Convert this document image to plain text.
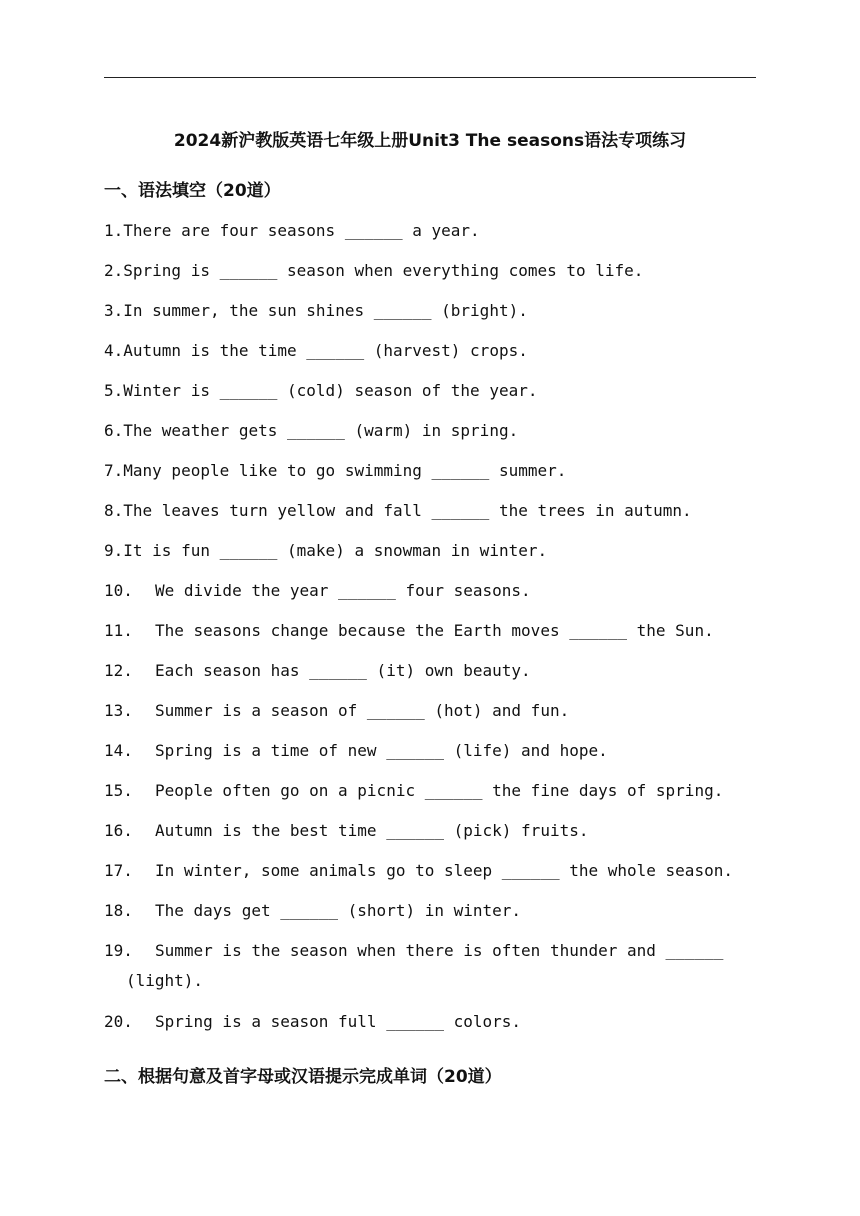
2024新沪教版英语七年级上册Unit3 The seasons语法专项练习
一、语法填空（20道）
1.There are four seasons ______ a year.
2.Spring is ______ season when everything comes to life.
3.In summer, the sun shines ______ (bright).
4.Autumn is the time ______ (harvest) crops.
5.Winter is ______ (cold) season of the year.
6.The weather gets ______ (warm) in spring.
7.Many people like to go swimming ______ summer.
8.The leaves turn yellow and fall ______ the trees in autumn.
9.It is fun ______ (make) a snowman in winter.
10. We divide the year ______ four seasons.
11. The seasons change because the Earth moves ______ the Sun.
12. Each season has ______ (it) own beauty.
13. Summer is a season of ______ (hot) and fun.
14. Spring is a time of new ______ (life) and hope.
15. People often go on a picnic ______ the fine days of spring.
16. Autumn is the best time ______ (pick) fruits.
17. In winter, some animals go to sleep ______ the whole season.
18. The days get ______ (short) in winter.
19. Summer is the season when there is often thunder and ______
(light).
20. Spring is a season full ______ colors.
二、根据句意及首字母或汉语提示完成单词（20道）
